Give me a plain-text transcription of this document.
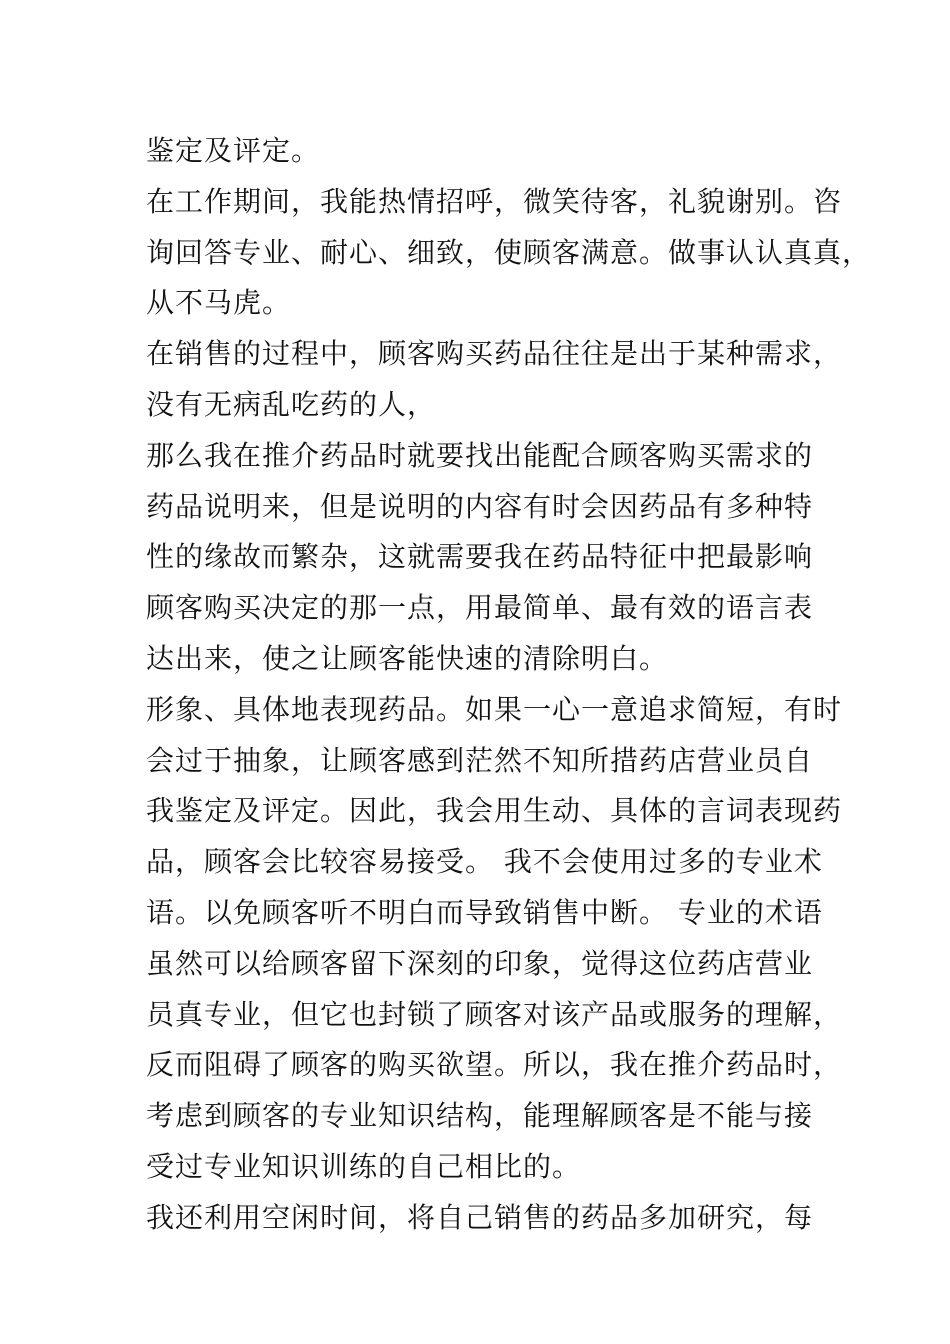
鉴定及评定。
在工作期间，我能热情招呼，微笑待客，礼貌谢别。咨
询回答专业、耐心、细致，使顾客满意。做事认认真真，
从不马虎。
在销售的过程中，顾客购买药品往往是出于某种需求，
没有无病乱吃药的人，
那么我在推介药品时就要找出能配合顾客购买需求的
药品说明来，但是说明的内容有时会因药品有多种特
性的缘故而繁杂，这就需要我在药品特征中把最影响
顾客购买决定的那一点，用最简单、最有效的语言表
达出来，使之让顾客能快速的清除明白。
形象、具体地表现药品。如果一心一意追求简短，有时
会过于抽象，让顾客感到茫然不知所措药店营业员自
我鉴定及评定。因此，我会用生动、具体的言词表现药
品，顾客会比较容易接受。 我不会使用过多的专业术
语。以免顾客听不明白而导致销售中断。 专业的术语
虽然可以给顾客留下深刻的印象，觉得这位药店营业
员真专业，但它也封锁了顾客对该产品或服务的理解，
反而阻碍了顾客的购买欲望。所以，我在推介药品时，
考虑到顾客的专业知识结构，能理解顾客是不能与接
受过专业知识训练的自己相比的。
我还利用空闲时间，将自己销售的药品多加研究，每
